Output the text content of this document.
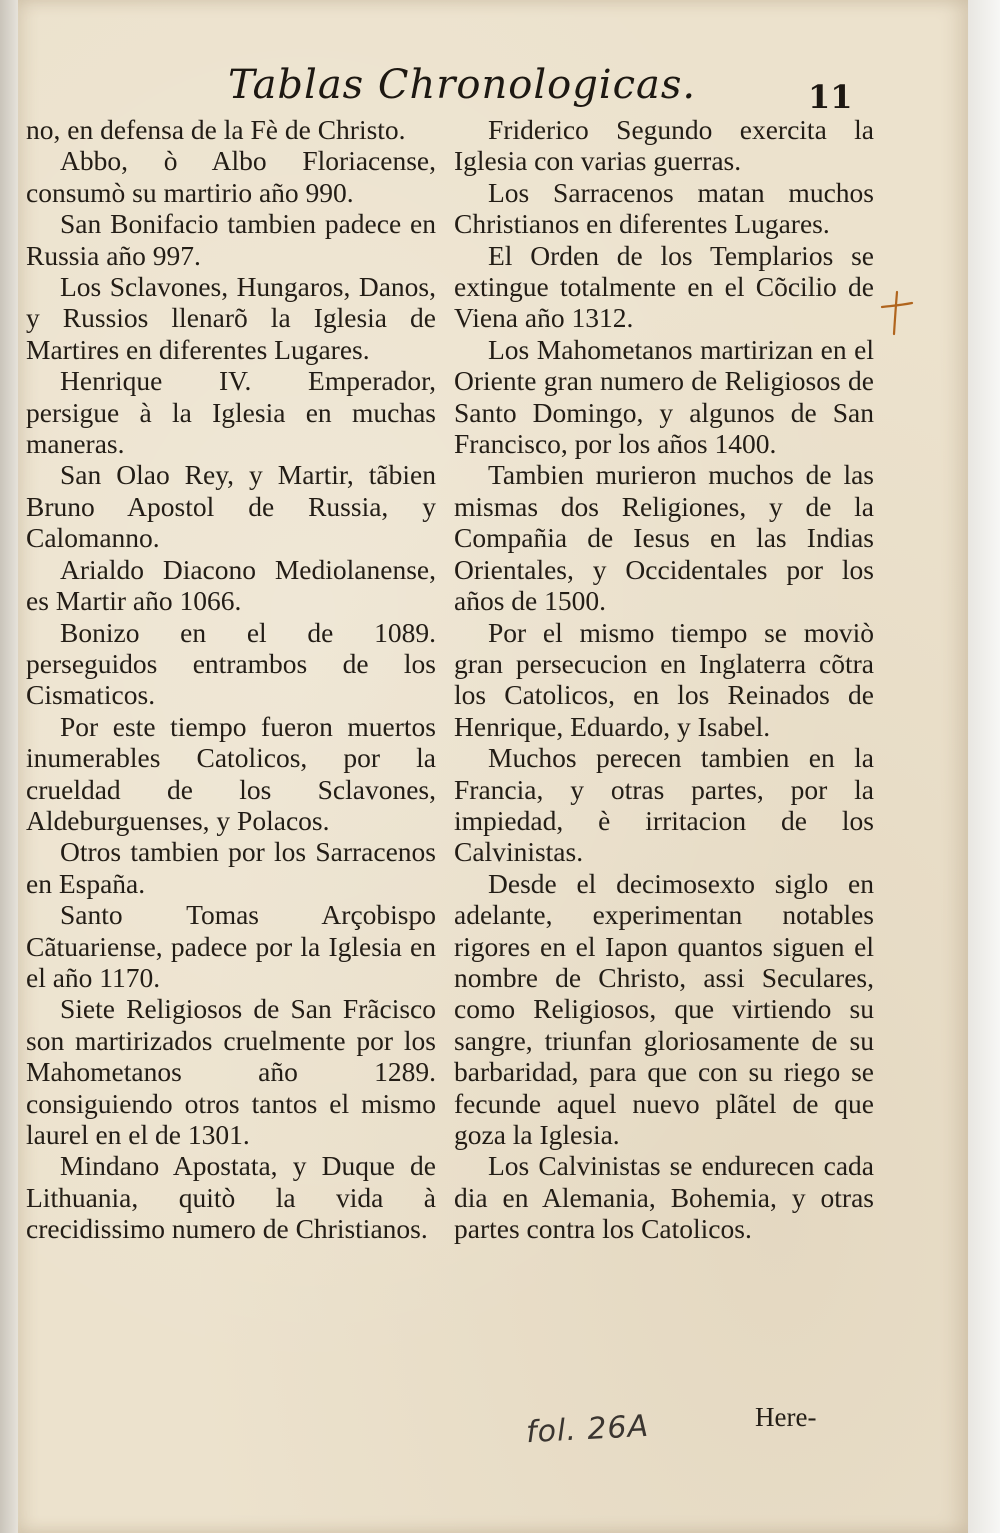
Tablas Chronologicas.	11

no, en defensa de la Fè de Christo.

Abbo, ò Albo Floriacense, consumò su martirio año 990.

San Bonifacio tambien padece en Russia año 997.

Los Sclavones, Hungaros, Danos, y Russios llenarõ la Iglesia de Martires en diferentes Lugares.

Henrique IV. Emperador, persigue à la Iglesia en muchas maneras.

San Olao Rey, y Martir, tãbien Bruno Apostol de Russia, y Calomanno.

Arialdo Diacono Mediolanense, es Martir año 1066.

Bonizo en el de 1089. perseguidos entrambos de los Cismaticos.

Por este tiempo fueron muertos inumerables Catolicos, por la crueldad de los Sclavones, Aldeburguenses, y Polacos.

Otros tambien por los Sarracenos en España.

Santo Tomas Arçobispo Cãtuariense, padece por la Iglesia en el año 1170.

Siete Religiosos de San Frãcisco son martirizados cruelmente por los Mahometanos año 1289. consiguiendo otros tantos el mismo laurel en el de 1301.

Mindano Apostata, y Duque de Lithuania, quitò la vida à crecidissimo numero de Christianos.

Friderico Segundo exercita la Iglesia con varias guerras.

Los Sarracenos matan muchos Christianos en diferentes Lugares.

El Orden de los Templarios se extingue totalmente en el Cõcilio de Viena año 1312.

Los Mahometanos martirizan en el Oriente gran numero de Religiosos de Santo Domingo, y algunos de San Francisco, por los años 1400.

Tambien murieron muchos de las mismas dos Religiones, y de la Compañia de Iesus en las Indias Orientales, y Occidentales por los años de 1500.

Por el mismo tiempo se moviò gran persecucion en Inglaterra cõtra los Catolicos, en los Reinados de Henrique, Eduardo, y Isabel.

Muchos perecen tambien en la Francia, y otras partes, por la impiedad, è irritacion de los Calvinistas.

Desde el decimosexto siglo en adelante, experimentan notables rigores en el Iapon quantos siguen el nombre de Christo, assi Seculares, como Religiosos, que virtiendo su sangre, triunfan gloriosamente de su barbaridad, para que con su riego se fecunde aquel nuevo plãtel de que goza la Iglesia.

Los Calvinistas se endurecen cada dia en Alemania, Bohemia, y otras partes contra los Catolicos.

Here-
fol. 26A
